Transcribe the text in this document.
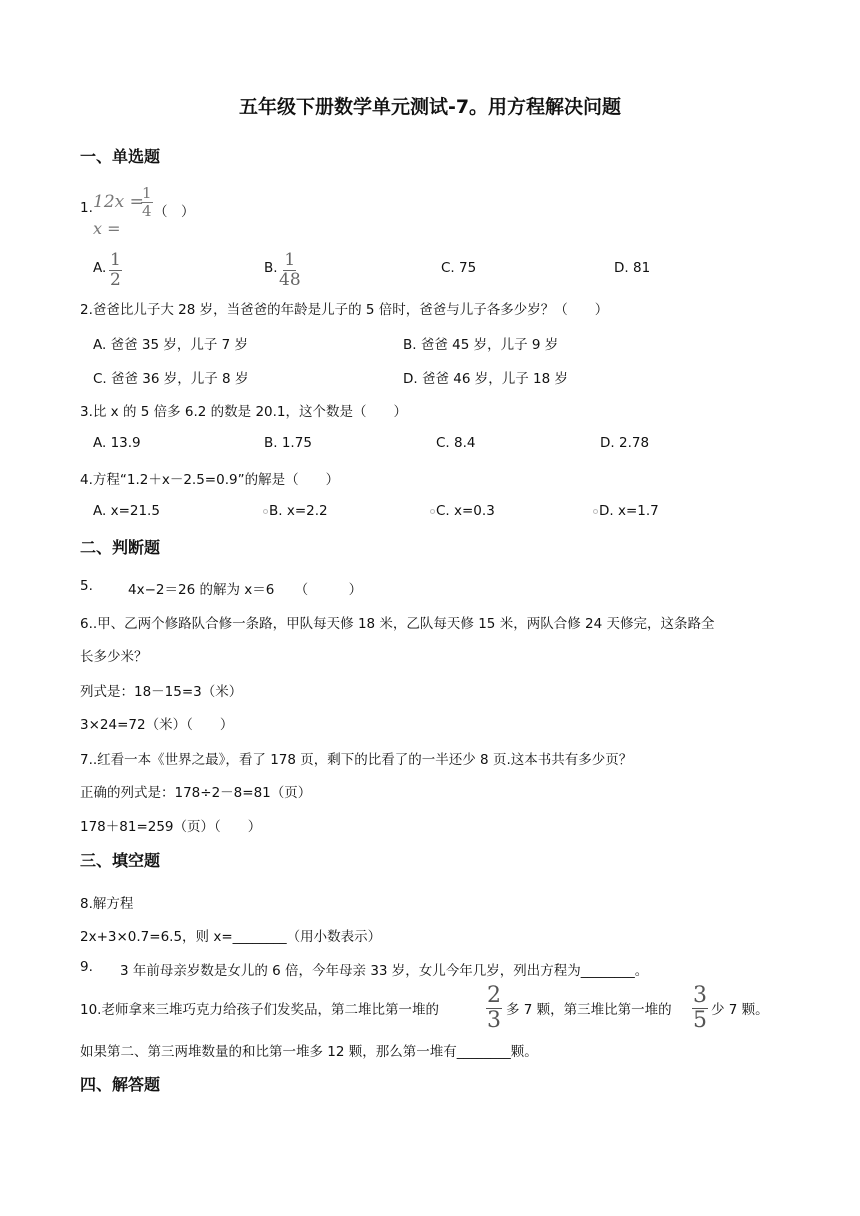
五年级下册数学单元测试-7。用方程解决问题
一、单选题
1. 12x =
$\frac{1}{4}$ （　）
x =
A. $\frac{1}{2}$	B. $\frac{1}{48}$	C. 75	D. 81
2.爸爸比儿子大 28 岁，当爸爸的年龄是儿子的 5 倍时，爸爸与儿子各多少岁？（　　）
A. 爸爸 35 岁，儿子 7 岁	B. 爸爸 45 岁，儿子 9 岁
C. 爸爸 36 岁，儿子 8 岁	D. 爸爸 46 岁，儿子 18 岁
3.比 x 的 5 倍多 6.2 的数是 20.1，这个数是（　　）
A. 13.9	B. 1.75	C. 8.4	D. 2.78
4.方程“1.2＋x－2.5=0.9”的解是（　　）
A. x=21.5	B. x=2.2	C. x=0.3	D. x=1.7
二、判断题
5.	4x−2＝26 的解为 x＝6　　（　　　）
6..甲、乙两个修路队合修一条路，甲队每天修 18 米，乙队每天修 15 米，两队合修 24 天修完，这条路全
长多少米？
列式是：18－15=3（米）
3×24=72（米）（　　）
7..红看一本《世界之最》，看了 178 页，剩下的比看了的一半还少 8 页.这本书共有多少页？
正确的列式是：178÷2－8=81（页）
178＋81=259（页）（　　）
三、填空题
8.解方程
2x+3×0.7=6.5，则 x=________（用小数表示）
9. 3 年前母亲岁数是女儿的 6 倍，今年母亲 33 岁，女儿今年几岁，列出方程为________。
10.老师拿来三堆巧克力给孩子们发奖品，第二堆比第一堆的 $\frac{2}{3}$ 多 7 颗，第三堆比第一堆的 $\frac{3}{5}$ 少 7 颗。
如果第二、第三两堆数量的和比第一堆多 12 颗，那么第一堆有________颗。
四、解答题
